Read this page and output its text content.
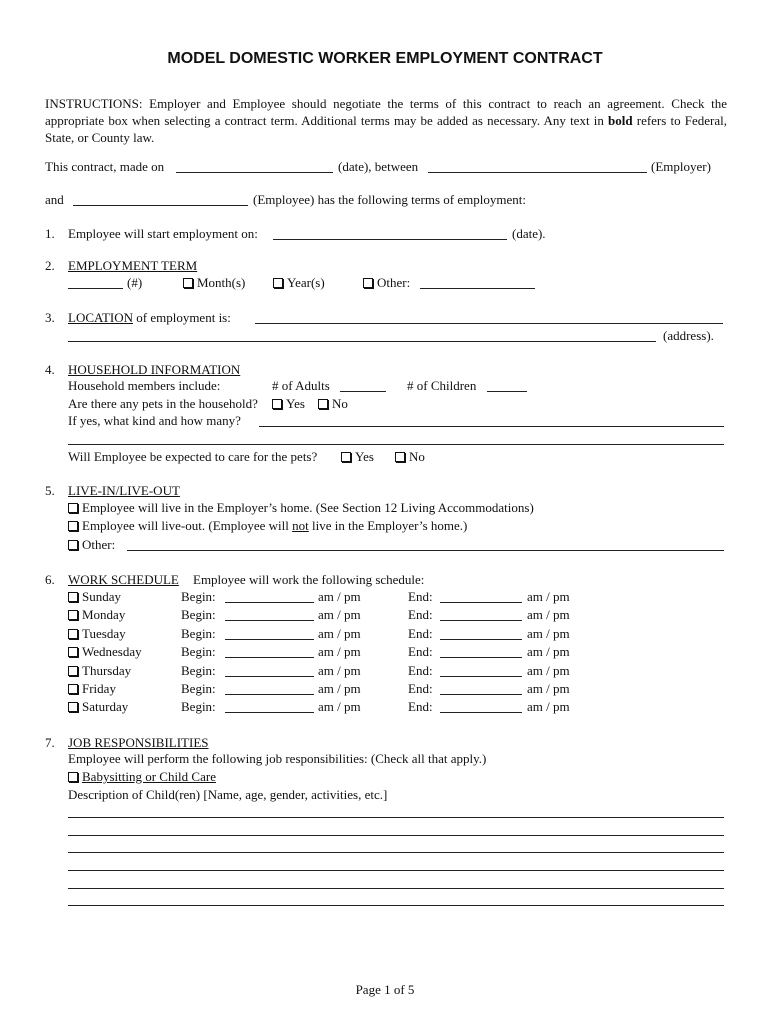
MODEL DOMESTIC WORKER EMPLOYMENT CONTRACT
INSTRUCTIONS: Employer and Employee should negotiate the terms of this contract to reach an agreement. Check the appropriate box when selecting a contract term. Additional terms may be added as necessary. Any text in bold refers to Federal, State, or County law.
This contract, made on	(date), between	(Employer)
and	(Employee) has the following terms of employment:
1. Employee will start employment on:	(date).
2. EMPLOYMENT TERM
(#)	Month(s)	Year(s)	Other:
3. LOCATION of employment is:
(address).
4. HOUSEHOLD INFORMATION
Household members include:	# of Adults	# of Children
Are there any pets in the household?	Yes	No
If yes, what kind and how many?
Will Employee be expected to care for the pets?	Yes	No
5. LIVE-IN/LIVE-OUT
Employee will live in the Employer’s home. (See Section 12 Living Accommodations)
Employee will live-out. (Employee will not live in the Employer’s home.)
Other:
6. WORK SCHEDULE Employee will work the following schedule:
Sunday	Begin:	am / pm	End:	am / pm
Monday	Begin:	am / pm	End:	am / pm
Tuesday	Begin:	am / pm	End:	am / pm
Wednesday	Begin:	am / pm	End:	am / pm
Thursday	Begin:	am / pm	End:	am / pm
Friday	Begin:	am / pm	End:	am / pm
Saturday	Begin:	am / pm	End:	am / pm
7. JOB RESPONSIBILITIES
Employee will perform the following job responsibilities: (Check all that apply.)
Babysitting or Child Care
Description of Child(ren) [Name, age, gender, activities, etc.]
Page 1 of 5
